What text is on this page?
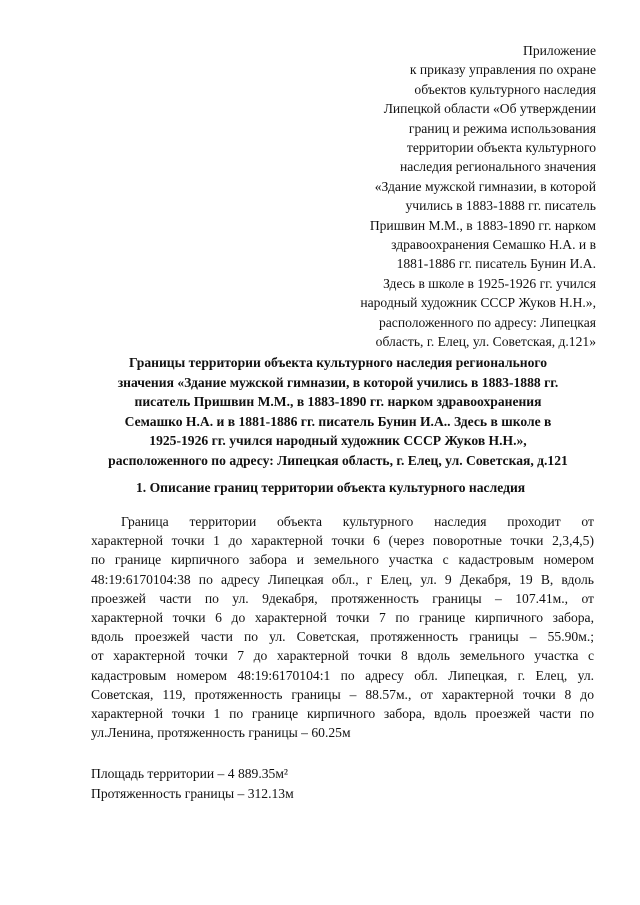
Приложение
к приказу управления по охране
объектов культурного наследия
Липецкой области «Об утверждении
границ и режима использования
территории объекта культурного
наследия регионального значения
«Здание мужской гимназии, в которой
учились в 1883-1888 гг. писатель
Пришвин М.М., в 1883-1890 гг. нарком
здравоохранения Семашко Н.А. и в
1881-1886 гг. писатель Бунин И.А.
Здесь в школе в 1925-1926 гг. учился
народный художник СССР Жуков Н.Н.»,
расположенного по адресу: Липецкая
область, г. Елец, ул. Советская, д.121»
Границы территории объекта культурного наследия регионального
значения «Здание мужской гимназии, в которой учились в 1883-1888 гг.
писатель Пришвин М.М., в 1883-1890 гг. нарком здравоохранения
Семашко Н.А. и в 1881-1886 гг. писатель Бунин И.А.. Здесь в школе в
1925-1926 гг. учился народный художник СССР Жуков Н.Н.»,
расположенного по адресу: Липецкая область, г. Елец, ул. Советская, д.121
1. Описание границ территории объекта культурного наследия
Граница территории объекта культурного наследия проходит от
характерной точки 1 до характерной точки 6 (через поворотные точки 2,3,4,5)
по границе кирпичного забора и земельного участка с кадастровым номером
48:19:6170104:38 по адресу Липецкая обл., г Елец, ул. 9 Декабря, 19 В, вдоль
проезжей части по ул. 9декабря, протяженность границы – 107.41м., от
характерной точки 6 до характерной точки 7 по границе кирпичного забора,
вдоль проезжей части по ул. Советская, протяженность границы – 55.90м.;
от характерной точки 7 до характерной точки 8 вдоль земельного участка с
кадастровым номером 48:19:6170104:1 по адресу обл. Липецкая, г. Елец, ул.
Советская, 119, протяженность границы – 88.57м., от характерной точки 8 до
характерной точки 1 по границе кирпичного забора, вдоль проезжей части по
ул.Ленина, протяженность границы – 60.25м
Площадь территории – 4 889.35м²
Протяженность границы – 312.13м
